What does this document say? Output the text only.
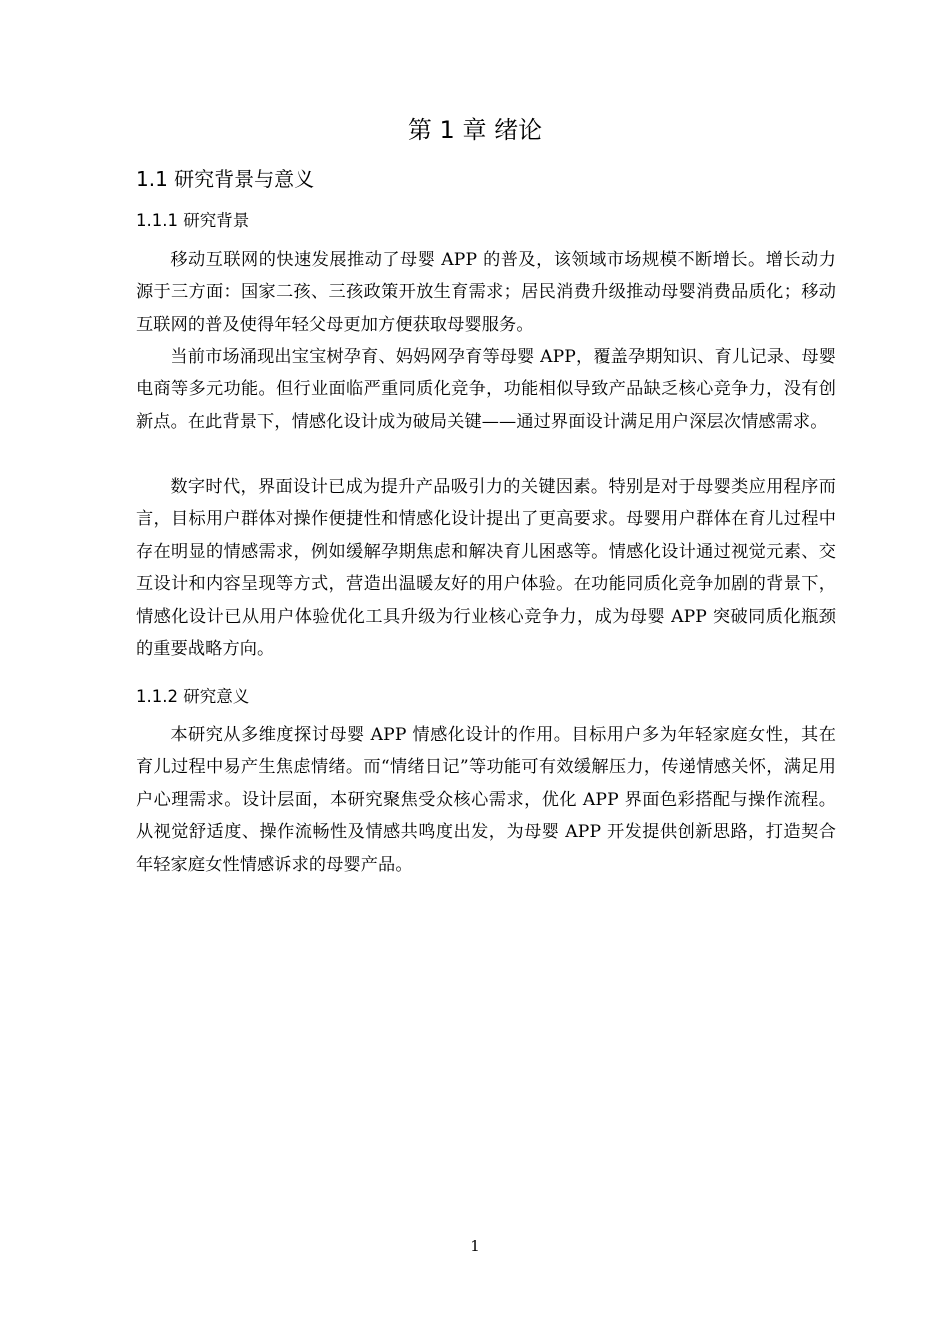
第 1 章 绪论
1.1 研究背景与意义
1.1.1 研究背景

移动互联网的快速发展推动了母婴 APP 的普及，该领域市场规模不断增长。增长动力源于三方面：国家二孩、三孩政策开放生育需求；居民消费升级推动母婴消费品质化；移动互联网的普及使得年轻父母更加方便获取母婴服务。

当前市场涌现出宝宝树孕育、妈妈网孕育等母婴 APP，覆盖孕期知识、育儿记录、母婴电商等多元功能。但行业面临严重同质化竞争，功能相似导致产品缺乏核心竞争力，没有创新点。在此背景下，情感化设计成为破局关键——通过界面设计满足用户深层次情感需求。

数字时代，界面设计已成为提升产品吸引力的关键因素。特别是对于母婴类应用程序而言，目标用户群体对操作便捷性和情感化设计提出了更高要求。母婴用户群体在育儿过程中存在明显的情感需求，例如缓解孕期焦虑和解决育儿困惑等。情感化设计通过视觉元素、交互设计和内容呈现等方式，营造出温暖友好的用户体验。在功能同质化竞争加剧的背景下，情感化设计已从用户体验优化工具升级为行业核心竞争力，成为母婴 APP 突破同质化瓶颈的重要战略方向。

1.1.2 研究意义

本研究从多维度探讨母婴 APP 情感化设计的作用。目标用户多为年轻家庭女性，其在育儿过程中易产生焦虑情绪。而“情绪日记”等功能可有效缓解压力，传递情感关怀，满足用户心理需求。设计层面，本研究聚焦受众核心需求，优化 APP 界面色彩搭配与操作流程。从视觉舒适度、操作流畅性及情感共鸣度出发，为母婴 APP 开发提供创新思路，打造契合年轻家庭女性情感诉求的母婴产品。

1
